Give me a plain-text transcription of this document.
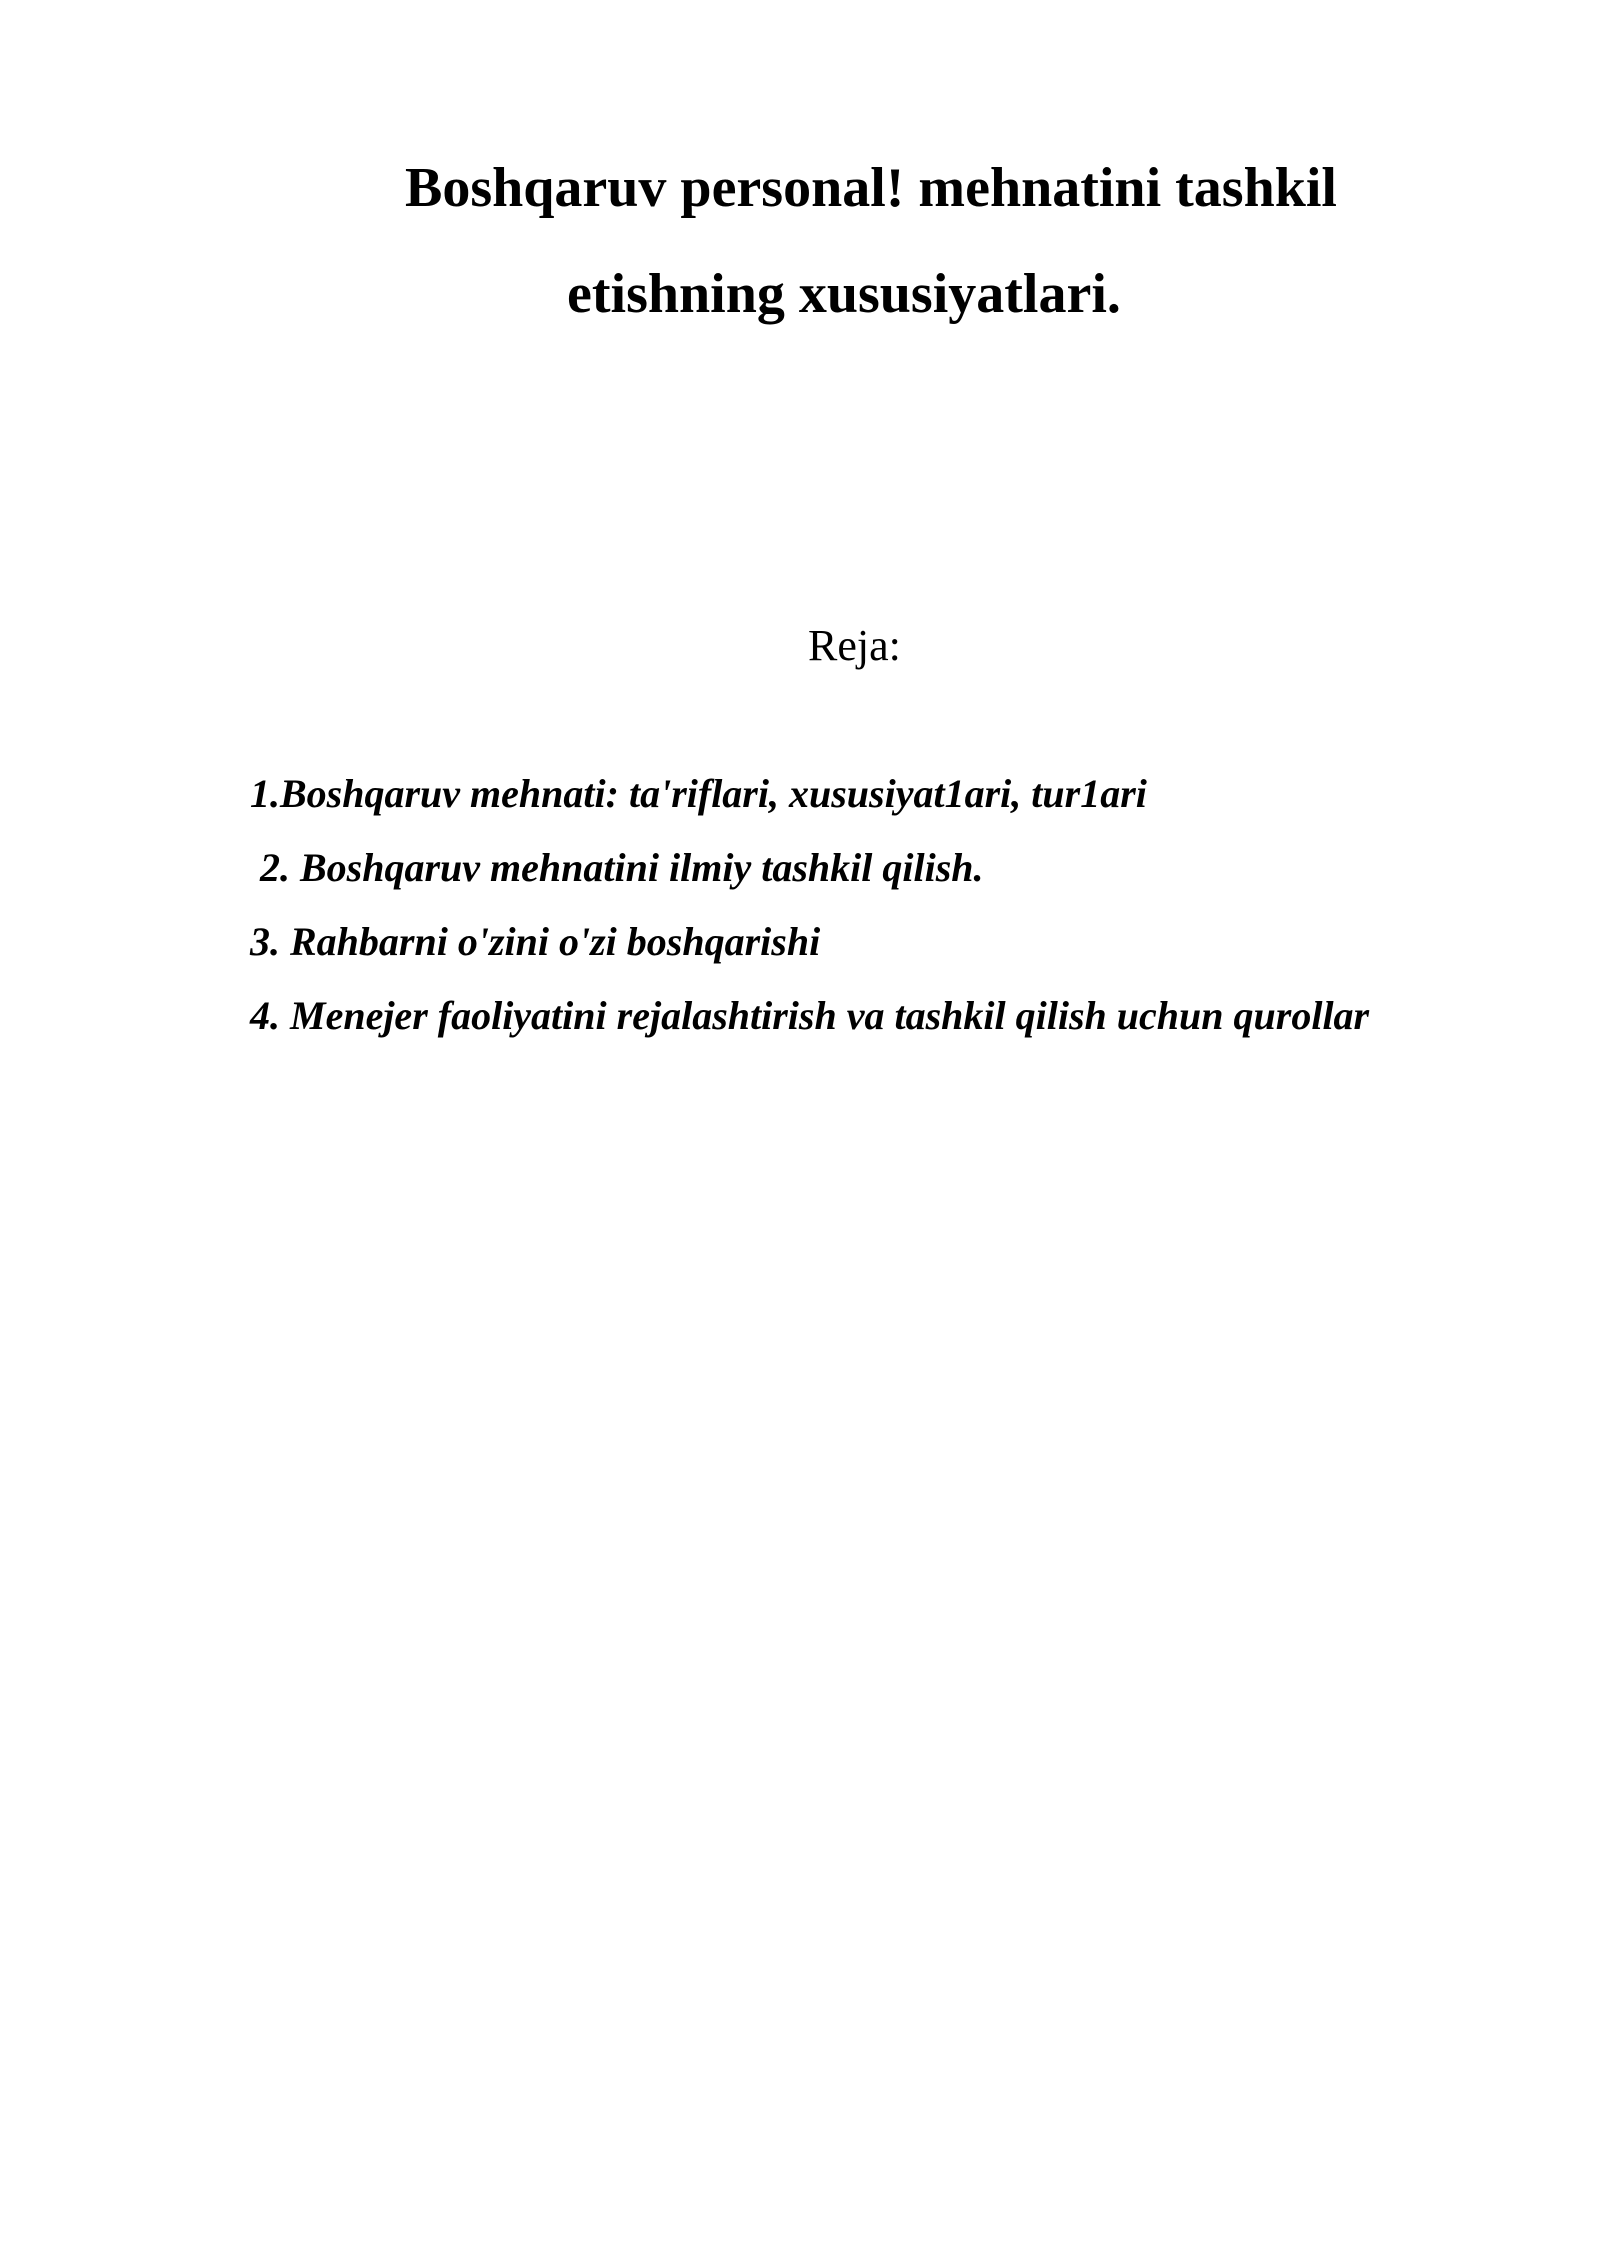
Boshqaruv personal! mehnatini tashkil
etishning xususiyatlari.
Reja:
1.Boshqaruv mehnati: ta'riflari, xususiyat1ari, tur1ari
2. Boshqaruv mehnatini ilmiy tashkil qilish.
3. Rahbarni o'zini o'zi boshqarishi
4. Menejer faoliyatini rejalashtirish va tashkil qilish uchun qurollar
